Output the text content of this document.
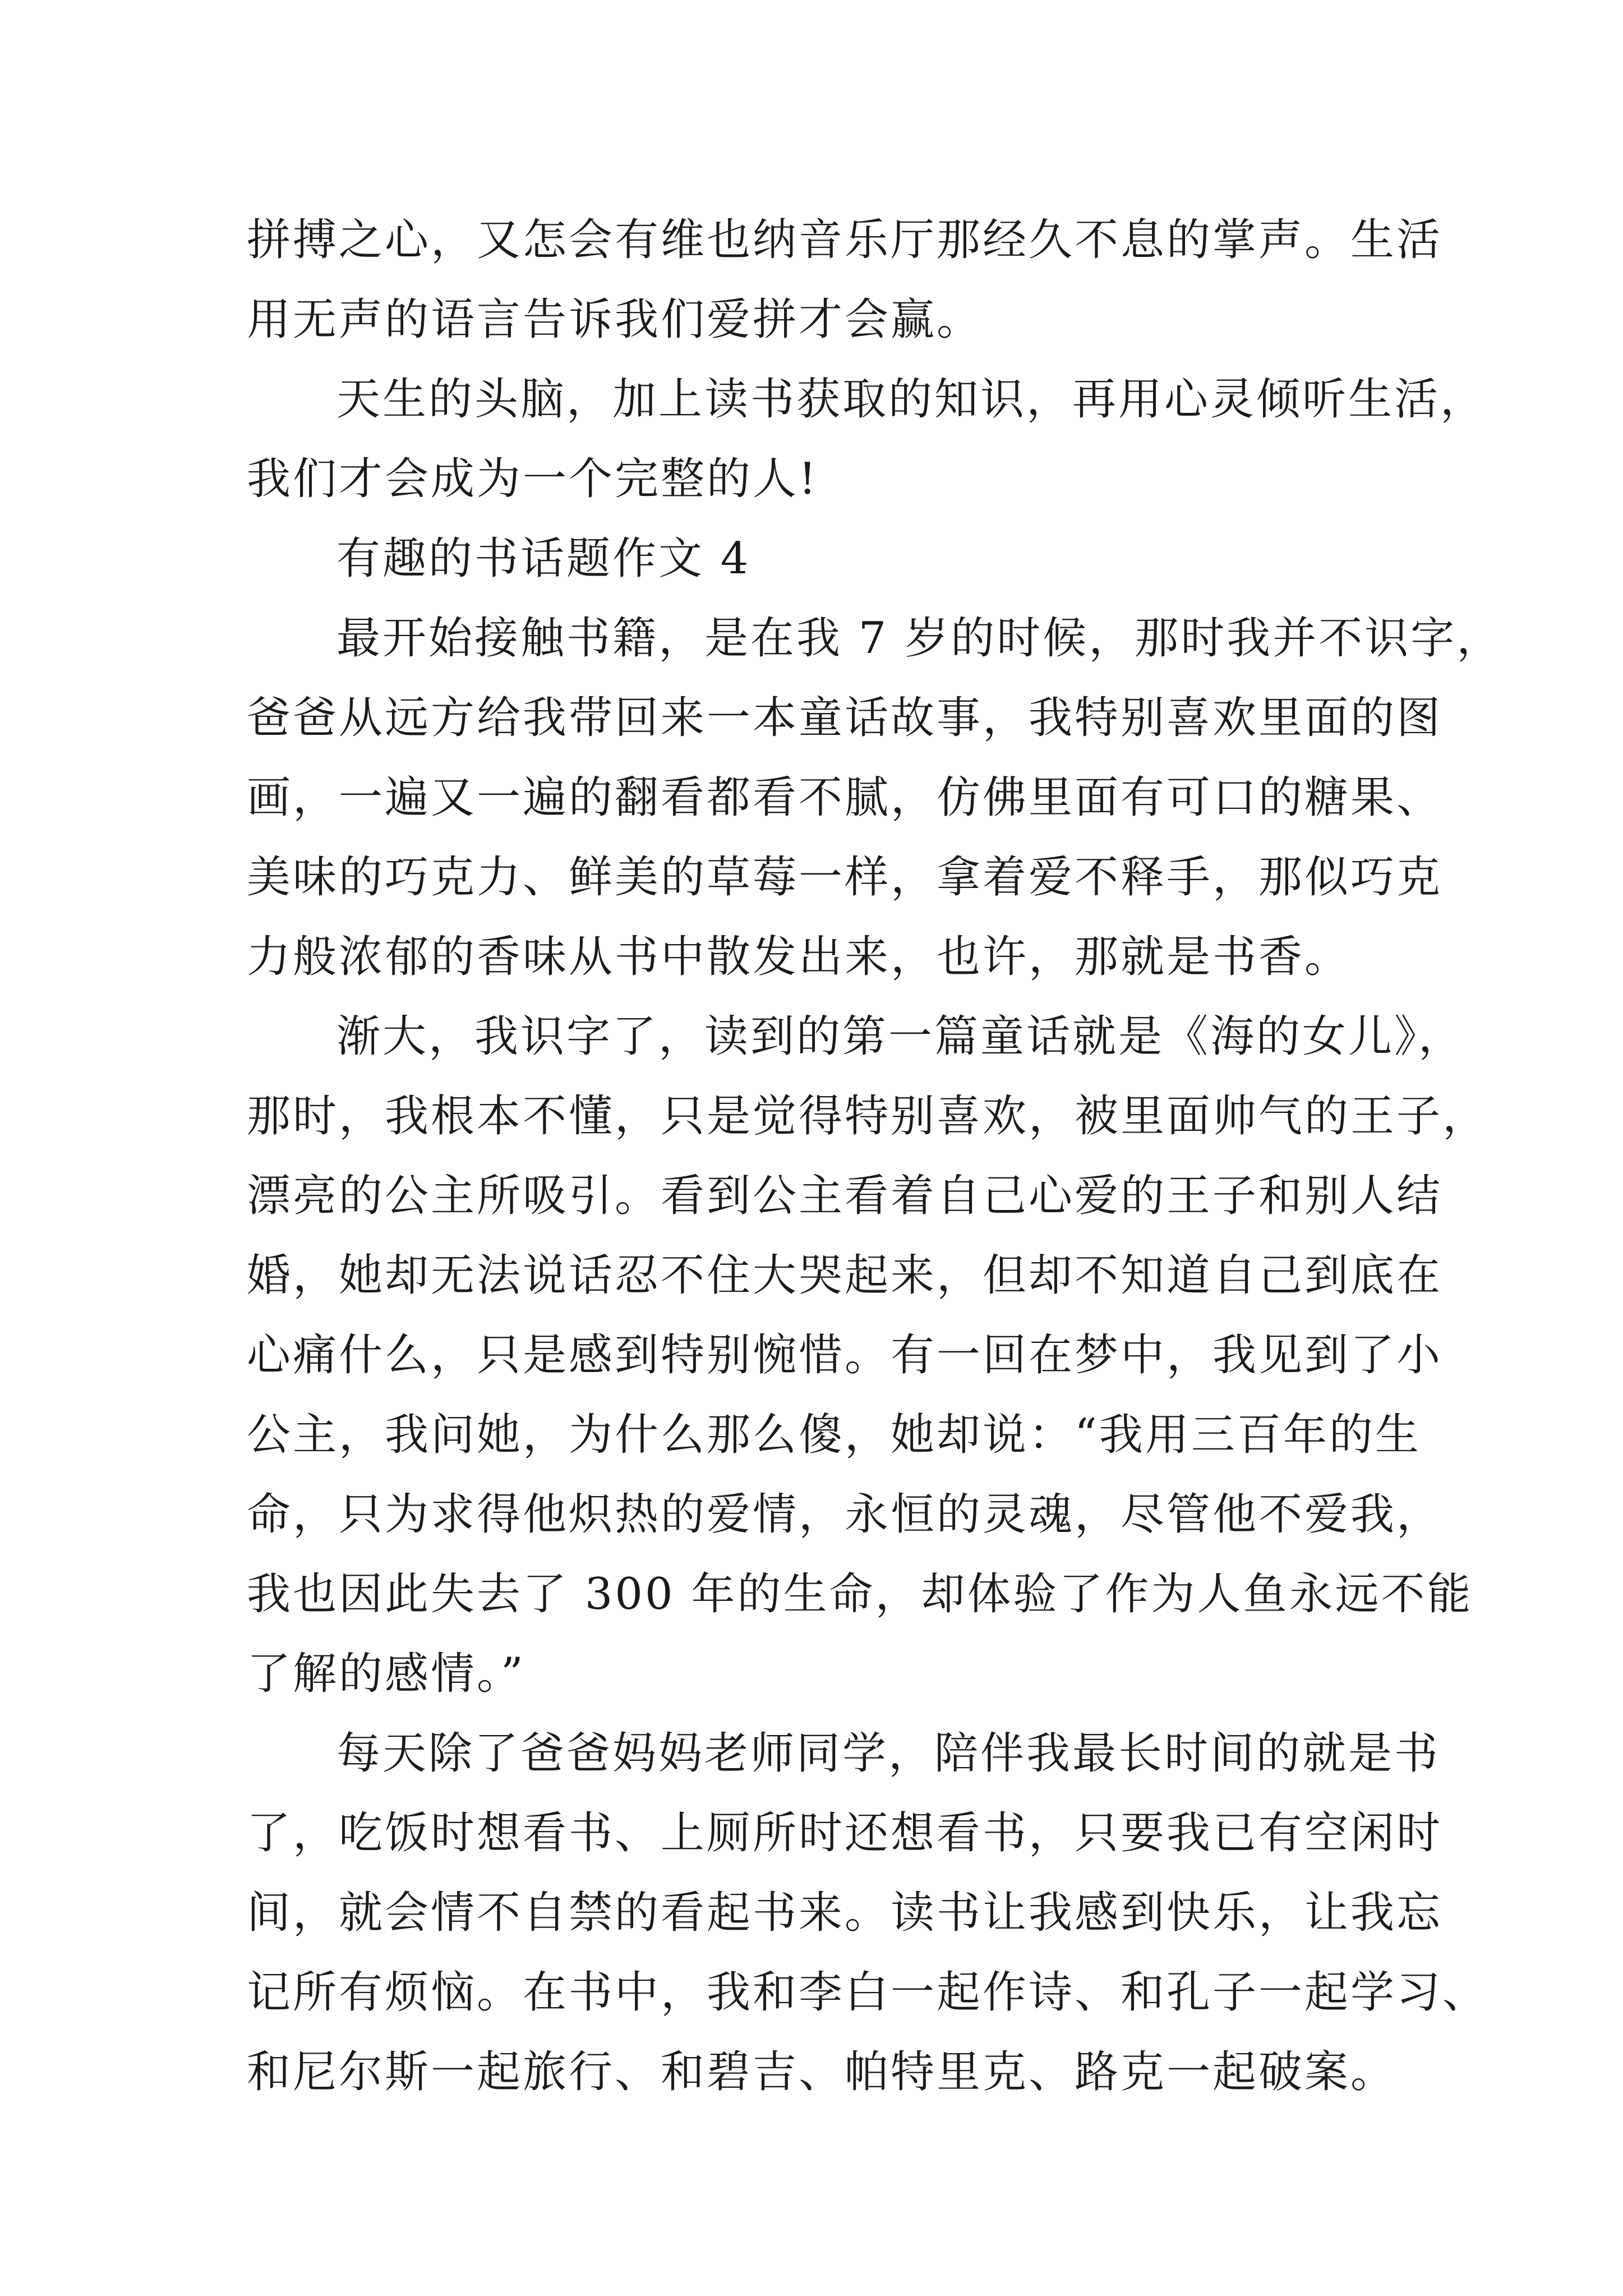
拼搏之心，又怎会有维也纳音乐厅那经久不息的掌声。生活
用无声的语言告诉我们爱拼才会赢。
天生的头脑，加上读书获取的知识，再用心灵倾听生活，
我们才会成为一个完整的人!
有趣的书话题作文 4
最开始接触书籍，是在我 7 岁的时候，那时我并不识字，
爸爸从远方给我带回来一本童话故事，我特别喜欢里面的图
画，一遍又一遍的翻看都看不腻，仿佛里面有可口的糖果、
美味的巧克力、鲜美的草莓一样，拿着爱不释手，那似巧克
力般浓郁的香味从书中散发出来，也许，那就是书香。
渐大，我识字了，读到的第一篇童话就是《海的女儿》，
那时，我根本不懂，只是觉得特别喜欢，被里面帅气的王子，
漂亮的公主所吸引。看到公主看着自己心爱的王子和别人结
婚，她却无法说话忍不住大哭起来，但却不知道自己到底在
心痛什么，只是感到特别惋惜。有一回在梦中，我见到了小
公主，我问她，为什么那么傻，她却说：“我用三百年的生
命，只为求得他炽热的爱情，永恒的灵魂，尽管他不爱我，
我也因此失去了 300 年的生命，却体验了作为人鱼永远不能
了解的感情。”
每天除了爸爸妈妈老师同学，陪伴我最长时间的就是书
了，吃饭时想看书、上厕所时还想看书，只要我已有空闲时
间，就会情不自禁的看起书来。读书让我感到快乐，让我忘
记所有烦恼。在书中，我和李白一起作诗、和孔子一起学习、
和尼尔斯一起旅行、和碧吉、帕特里克、路克一起破案。
